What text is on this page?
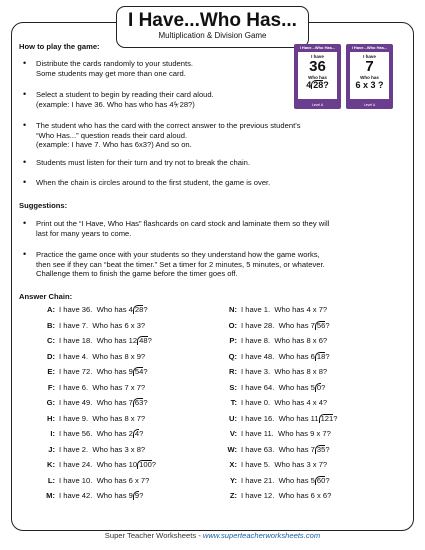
I Have...Who Has...
Multiplication & Division Game
How to play the game:
• Distribute the cards randomly to your students.
Some students may get more than one card.
• Select a student to begin by reading their card aloud.
(example: I have 36. Who has who has 4⏧28?)
• The student who has the card with the correct answer to the previous student’s
“Who Has...” question reads their card aloud.
(example: I have 7. Who has 6x3?) And so on.
• Students must listen for their turn and try not to break the chain.
• When the chain is circles around to the first student, the game is over.
I Have...Who Has...
I have
36
Who has
4 28?
Level A
I Have...Who Has...
I have
7
Who has
6 x 3 ?
Level A
Suggestions:
• Print out the “I Have, Who Has” flashcards on card stock and laminate them so they will
last for many years to come.
• Practice the game once with your students so they understand how the game works,
then see if they can “beat the timer.” Set a timer for 2 minutes, 5 minutes, or whatever.
Challenge them to finish the game before the timer goes off.
Answer Chain:
A: I have 36. Who has 4 28?
B: I have 7. Who has 6 x 3?
C: I have 18. Who has 12 48?
D: I have 4. Who has 8 x 9?
E: I have 72. Who has 9 54?
F: I have 6. Who has 7 x 7?
G: I have 49. Who has 7 63?
H: I have 9. Who has 8 x 7?
I: I have 56. Who has 2 4?
J: I have 2. Who has 3 x 8?
K: I have 24. Who has 10 100?
L: I have 10. Who has 6 x 7?
M: I have 42. Who has 9 9?
N: I have 1. Who has 4 x 7?
O: I have 28. Who has 7 56?
P: I have 8. Who has 8 x 6?
Q: I have 48. Who has 6 18?
R: I have 3. Who has 8 x 8?
S: I have 64. Who has 5 0?
T: I have 0. Who has 4 x 4?
U: I have 16. Who has 11 121?
V: I have 11. Who has 9 x 7?
W: I have 63. Who has 7 35?
X: I have 5. Who has 3 x 7?
Y: I have 21. Who has 5 60?
Z: I have 12. Who has 6 x 6?
Super Teacher Worksheets - www.superteacherworksheets.com
